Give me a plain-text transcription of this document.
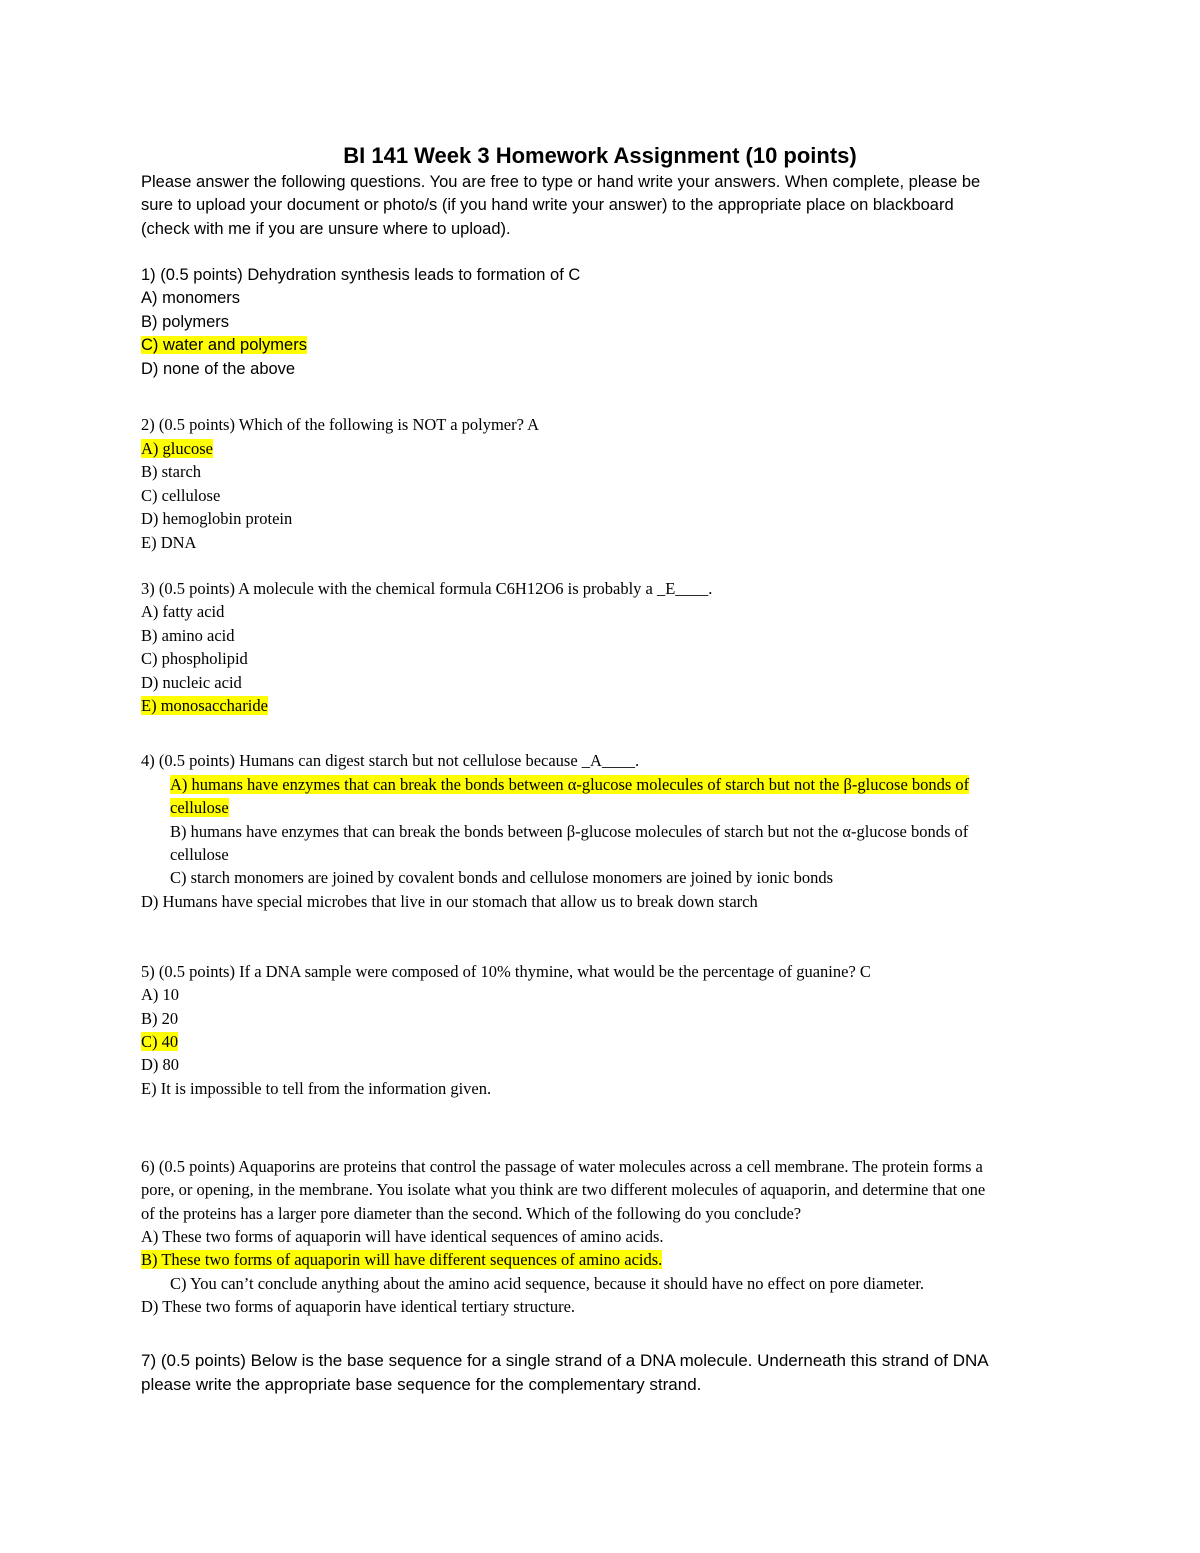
BI 141 Week 3 Homework Assignment (10 points)
Please answer the following questions. You are free to type or hand write your answers. When complete, please be
sure to upload your document or photo/s (if you hand write your answer) to the appropriate place on blackboard
(check with me if you are unsure where to upload).
1) (0.5 points) Dehydration synthesis leads to formation of C
A) monomers
B) polymers
C) water and polymers
D) none of the above
2) (0.5 points) Which of the following is NOT a polymer? A
A) glucose
B) starch
C) cellulose
D) hemoglobin protein
E) DNA
3) (0.5 points) A molecule with the chemical formula C6H12O6 is probably a _E____.
A) fatty acid
B) amino acid
C) phospholipid
D) nucleic acid
E) monosaccharide
4) (0.5 points) Humans can digest starch but not cellulose because _A____.
A) humans have enzymes that can break the bonds between α-glucose molecules of starch but not the β-glucose bonds of
cellulose
B) humans have enzymes that can break the bonds between β-glucose molecules of starch but not the α-glucose bonds of
cellulose
C) starch monomers are joined by covalent bonds and cellulose monomers are joined by ionic bonds
D) Humans have special microbes that live in our stomach that allow us to break down starch
5) (0.5 points) If a DNA sample were composed of 10% thymine, what would be the percentage of guanine? C
A) 10
B) 20
C) 40
D) 80
E) It is impossible to tell from the information given.
6) (0.5 points) Aquaporins are proteins that control the passage of water molecules across a cell membrane. The protein forms a
pore, or opening, in the membrane. You isolate what you think are two different molecules of aquaporin, and determine that one
of the proteins has a larger pore diameter than the second. Which of the following do you conclude?
A) These two forms of aquaporin will have identical sequences of amino acids.
B) These two forms of aquaporin will have different sequences of amino acids.
C) You can’t conclude anything about the amino acid sequence, because it should have no effect on pore diameter.
D) These two forms of aquaporin have identical tertiary structure.
7) (0.5 points) Below is the base sequence for a single strand of a DNA molecule. Underneath this strand of DNA
please write the appropriate base sequence for the complementary strand.
